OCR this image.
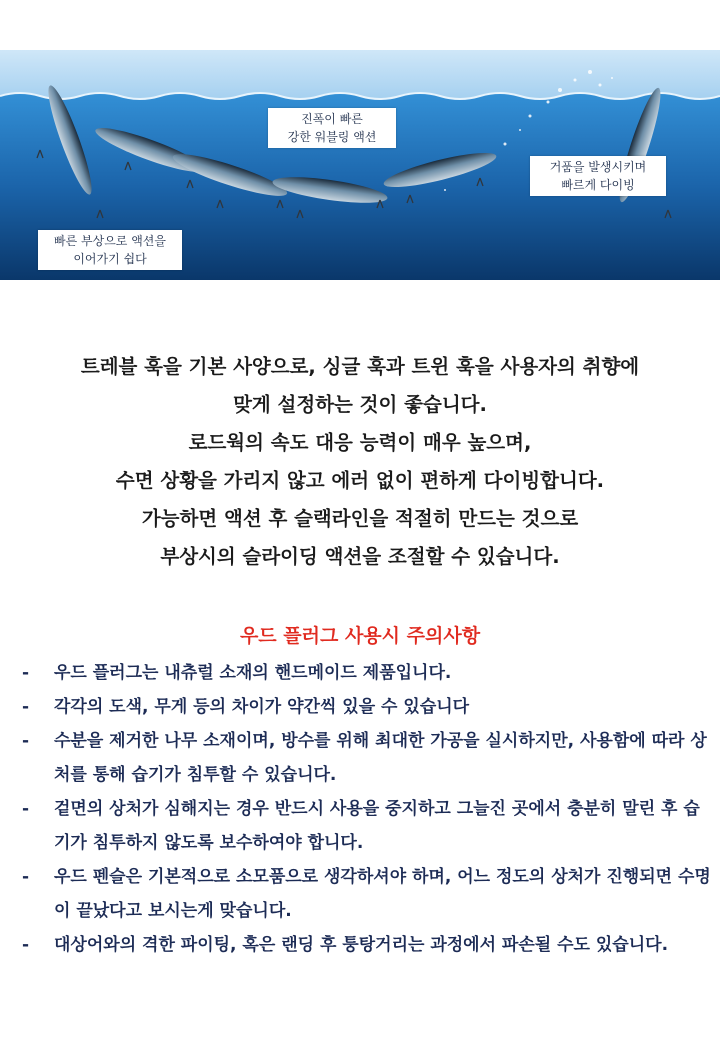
진폭이 빠른
강한 워블링 액션
거품을 발생시키며
빠르게 다이빙
빠른 부상으로 액션을
이어가기 쉽다
트레블 훅을 기본 사양으로, 싱글 훅과 트윈 훅을 사용자의 취향에
맞게 설정하는 것이 좋습니다.
로드웍의 속도 대응 능력이 매우 높으며,
수면 상황을 가리지 않고 에러 없이 편하게 다이빙합니다.
가능하면 액션 후 슬랙라인을 적절히 만드는 것으로
부상시의 슬라이딩 액션을 조절할 수 있습니다.
우드 플러그 사용시 주의사항
-	우드 플러그는 내츄럴 소재의 핸드메이드 제품입니다.
-	각각의 도색, 무게 등의 차이가 약간씩 있을 수 있습니다
-	수분을 제거한 나무 소재이며, 방수를 위해 최대한 가공을 실시하지만, 사용함에 따라 상처를 통해 습기가 침투할 수 있습니다.
-	겉면의 상처가 심해지는 경우 반드시 사용을 중지하고 그늘진 곳에서 충분히 말린 후 습기가 침투하지 않도록 보수하여야 합니다.
-	우드 펜슬은 기본적으로 소모품으로 생각하셔야 하며, 어느 정도의 상처가 진행되면 수명이 끝났다고 보시는게 맞습니다.
-	대상어와의 격한 파이팅, 혹은 랜딩 후 퉁탕거리는 과정에서 파손될 수도 있습니다.
